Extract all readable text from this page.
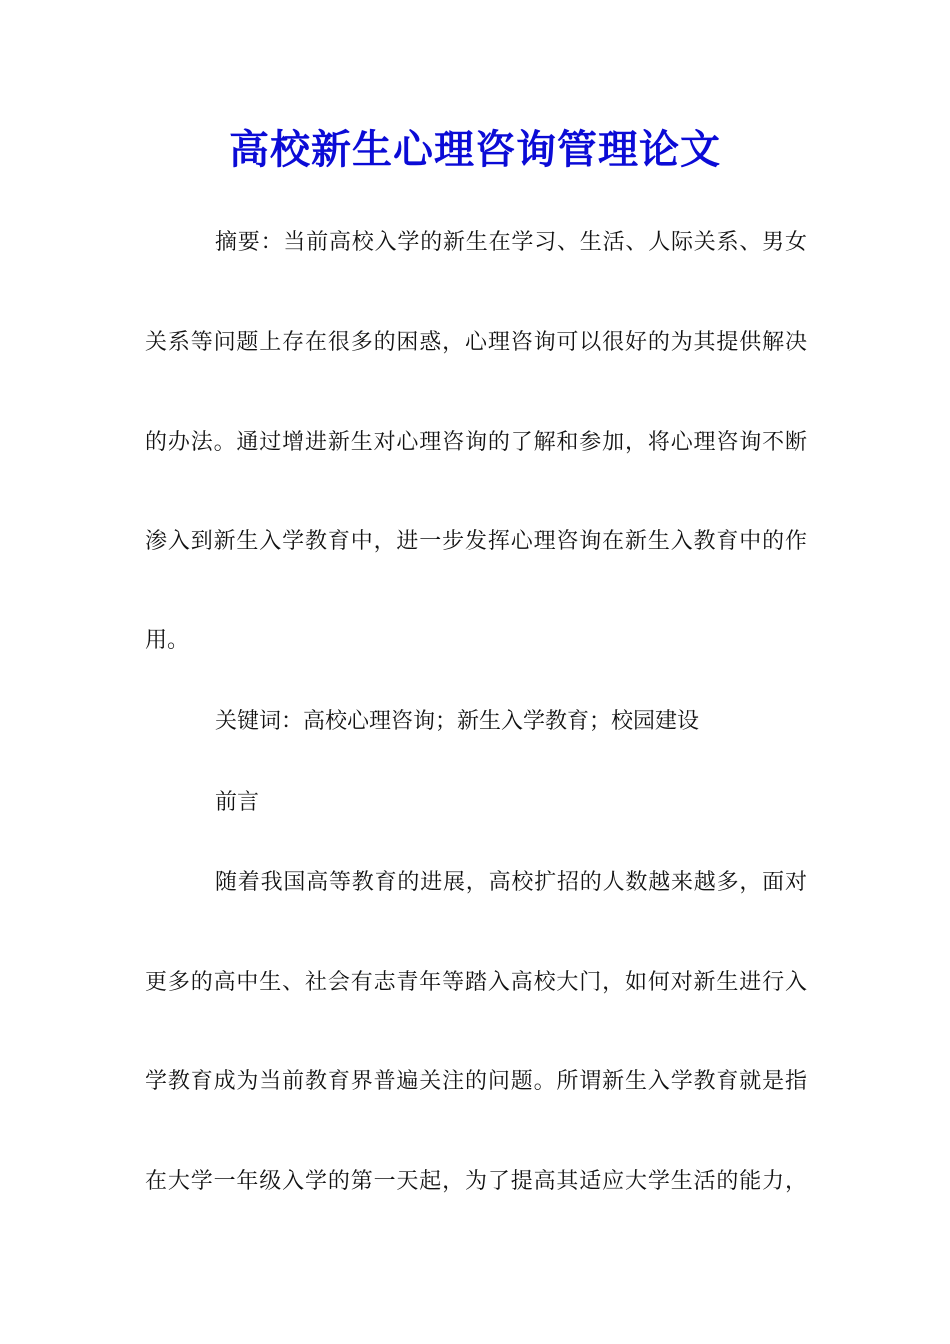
高校新生心理咨询管理论文
摘要：当前高校入学的新生在学习、生活、人际关系、男女
关系等问题上存在很多的困惑，心理咨询可以很好的为其提供解决
的办法。通过增进新生对心理咨询的了解和参加，将心理咨询不断
渗入到新生入学教育中，进一步发挥心理咨询在新生入教育中的作
用。
关键词：高校心理咨询；新生入学教育；校园建设
前言
随着我国高等教育的进展，高校扩招的人数越来越多，面对
更多的高中生、社会有志青年等踏入高校大门，如何对新生进行入
学教育成为当前教育界普遍关注的问题。所谓新生入学教育就是指
在大学一年级入学的第一天起，为了提高其适应大学生活的能力，
